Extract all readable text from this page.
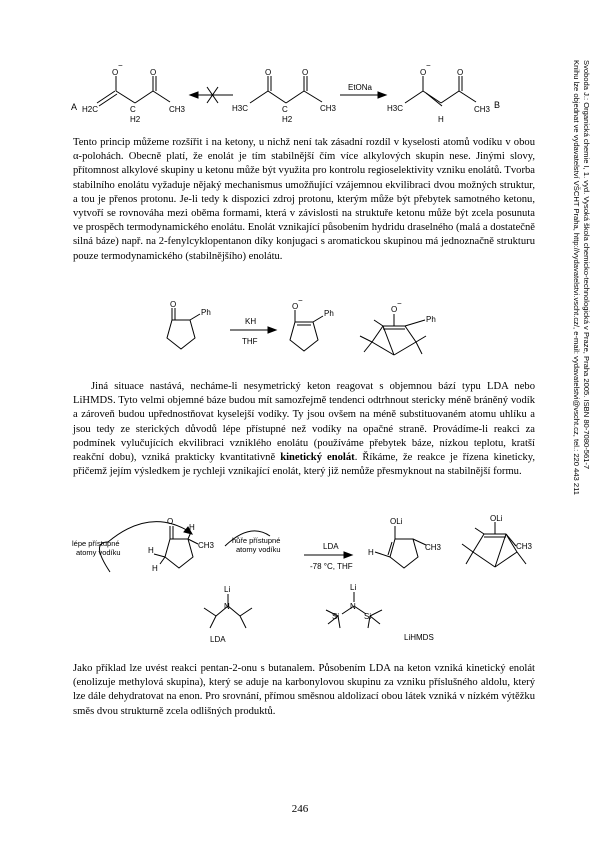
A H2C
O
−
C
H2
O
CH3	H3C
O
C
H2
O
CH3
EtONa
H3C
O
−
H
O
CH3 B
Tento princip můžeme rozšířit i na ketony, u nichž není tak zásadní rozdíl v kyselosti atomů vodíku v obou α-polohách. Obecně platí, že enolát je tím stabilnější čím více alkylových skupin nese. Jinými slovy, přítomnost alkylové skupiny u ketonu může být využita pro kontrolu regioselektivity vzniku enolátů. Tvorba stabilního enolátu vyžaduje nějaký mechanismus umožňující vzájemnou ekvilibraci dvou možných struktur, a tou je přenos protonu. Je-li tedy k dispozici zdroj protonu, kterým může být přebytek samotného ketonu, vytvoří se rovnováha mezi oběma formami, která v závislosti na struktuře ketonu může být zcela posunuta ve prospěch termodynamického enolátu. Enolát vznikající působením hydridu draselného (malá a dostatečně silná báze) např. na 2-fenylcyklopentanon díky konjugaci s aromatickou skupinou má jednoznačně strukturu pouze termodynamického (stabilnějšího) enolátu.
O
Ph
KH
THF
O
−
Ph	O
−
Ph
Jiná situace nastává, necháme-li nesymetrický keton reagovat s objemnou bází typu LDA nebo LiHMDS. Tyto velmi objemné báze budou mít samozřejmě tendenci odtrhnout stericky méně bráněný vodík a zároveň budou upřednostňovat kyselejší vodíky. Ty jsou ovšem na méně substituovaném atomu uhlíku a jsou tedy ze sterických důvodů lépe přístupné než vodíky na opačné straně. Provádíme-li reakci za podmínek vylučujících ekvilibraci vzniklého enolátu (používáme přebytek báze, nízkou teplotu, kratší reakční dobu), vzniká prakticky kvantitativně kinetický enolát. Říkáme, že reakce je řízena kineticky, přičemž jejím výsledkem je rychleji vznikající enolát, který již nemůže přesmyknout na stabilnější formu.
lépe přístupné
atomy vodíku	H
H
O
H
CH3
hůře přístupné
atomy vodíku	LDA
-78 °C, THF
H
OLi
CH3
OLi
CH3
Li
N
LDA
Li
N
Si	Si
LiHMDS
Jako příklad lze uvést reakci pentan-2-onu s butanalem. Působením LDA na keton vzniká kinetický enolát (enolizuje methylová skupina), který se aduje na karbonylovou skupinu za vzniku příslušného aldolu, který lze dále dehydratovat na enon. Pro srovnání, přímou směsnou aldolizací obou látek vzniká v nízkém výtěžku směs dvou strukturně zcela odlišných produktů.
246
Svoboda J.: Organická chemie I, 1. vyd. Vysoká škola chemicko-technologická v Praze, Praha 2005. ISBN 80-7080-561-7
Knihu lze objednat ve vydavatelství VŠCHT Praha, http://vydavatelstvi.vscht.cz/, e-mail: vydavatelstvi@vscht.cz, tel.: 220 443 211
